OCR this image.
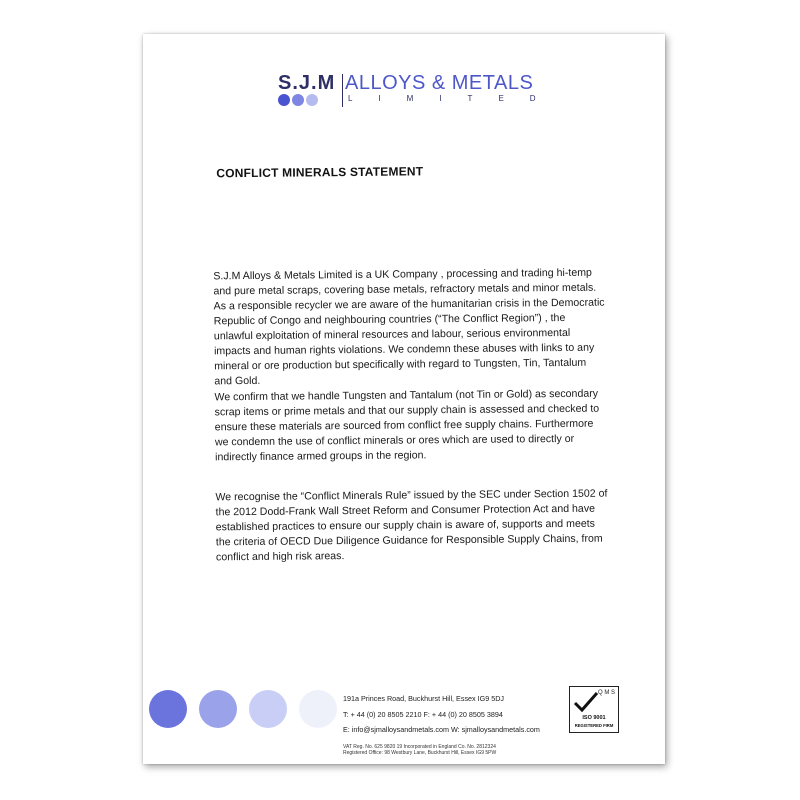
S.J.M ALLOYS & METALS
LIMITED
CONFLICT MINERALS STATEMENT

S.J.M Alloys & Metals Limited is a UK Company , processing and trading hi-temp and pure metal scraps, covering base metals, refractory metals and minor metals. As a responsible recycler we are aware of the humanitarian crisis in the Democratic Republic of Congo and neighbouring countries (“The Conflict Region”) , the unlawful exploitation of mineral resources and labour, serious environmental impacts and human rights violations. We condemn these abuses with links to any mineral or ore production but specifically with regard to Tungsten, Tin, Tantalum and Gold.

We confirm that we handle Tungsten and Tantalum (not Tin or Gold) as secondary scrap items or prime metals and that our supply chain is assessed and checked to ensure these materials are sourced from conflict free supply chains. Furthermore we condemn the use of conflict minerals or ores which are used to directly or indirectly finance armed groups in the region.

We recognise the “Conflict Minerals Rule” issued by the SEC under Section 1502 of the 2012 Dodd-Frank Wall Street Reform and Consumer Protection Act and have established practices to ensure our supply chain is aware of, supports and meets the criteria of OECD Due Diligence Guidance for Responsible Supply Chains, from conflict and high risk areas.

191a Princes Road, Buckhurst Hill, Essex IG9 5DJ
T: + 44 (0) 20 8505 2210 F: + 44 (0) 20 8505 3894
E: info@sjmalloysandmetals.com W: sjmalloysandmetals.com
VAT Reg. No. 625 9820 19 Incorporated in England Co. No. 2812324
Registered Office: 98 Westbury Lane, Buckhurst Hill, Essex IG9 5PW
Q M S
ISO 9001
REGISTERED FIRM
